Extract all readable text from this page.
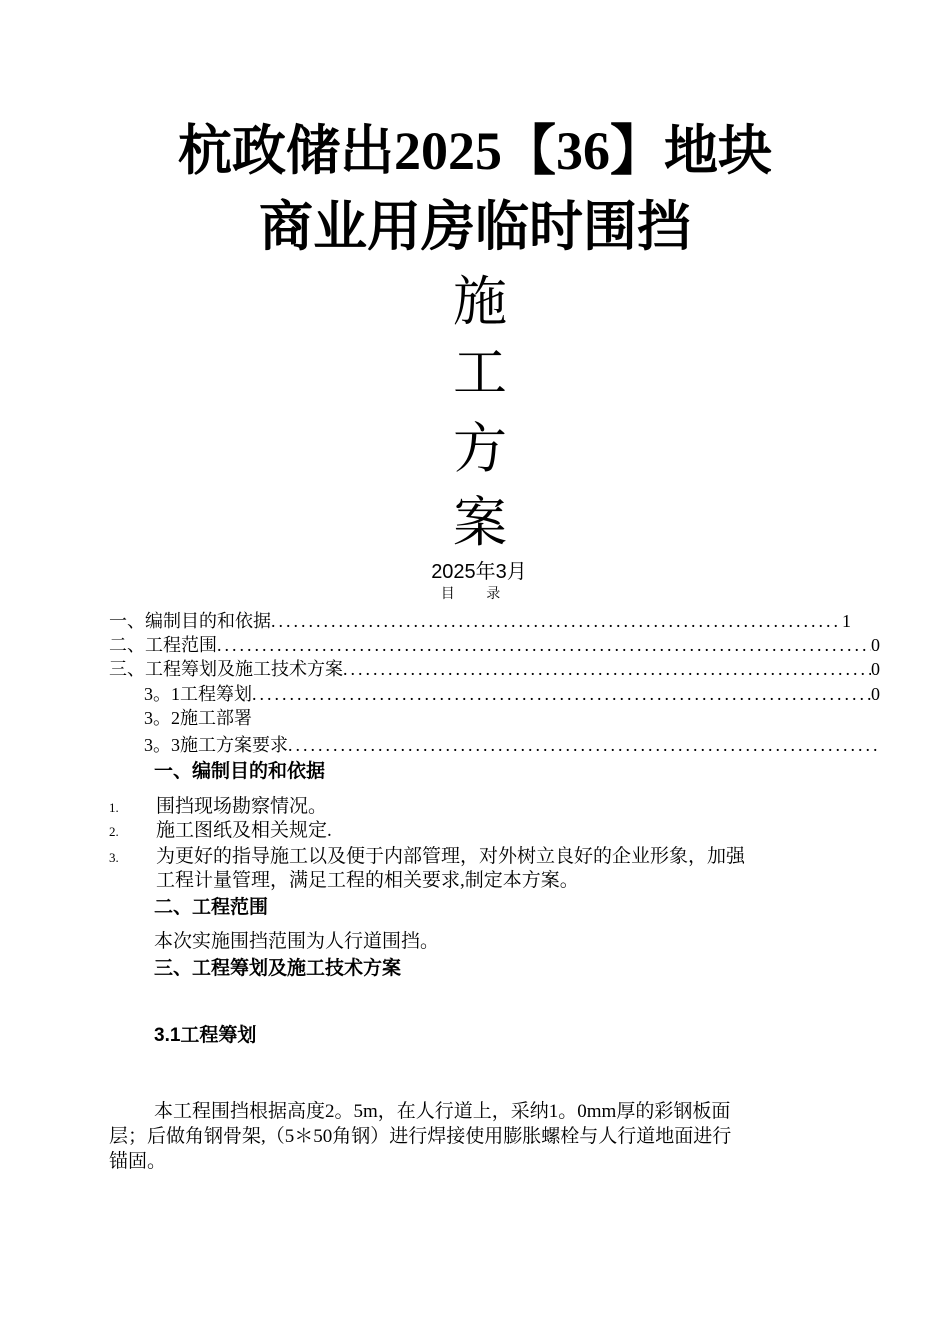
杭政储出2025【36】地块
商业用房临时围挡
施
工
方
案
2025年3月
目 录
一、编制目的和依据 .....	1
二、工程范围 .....	0
三、工程筹划及施工技术方案 .....	0
3。1工程筹划 .....	0
3。2施工部署
3。3施工方案要求
.....
一、编制目的和依据
1. 围挡现场勘察情况。
2. 施工图纸及相关规定.
3. 为更好的指导施工以及便于内部管理，对外树立良好的企业形象，加强
工程计量管理，满足工程的相关要求,制定本方案。
二、工程范围
本次实施围挡范围为人行道围挡。
三、工程筹划及施工技术方案
3.1工程筹划
本工程围挡根据高度2。5m，在人行道上，采纳1。0mm厚的彩钢板面
层；后做角钢骨架,（5＊50角钢）进行焊接使用膨胀螺栓与人行道地面进行
锚固。
